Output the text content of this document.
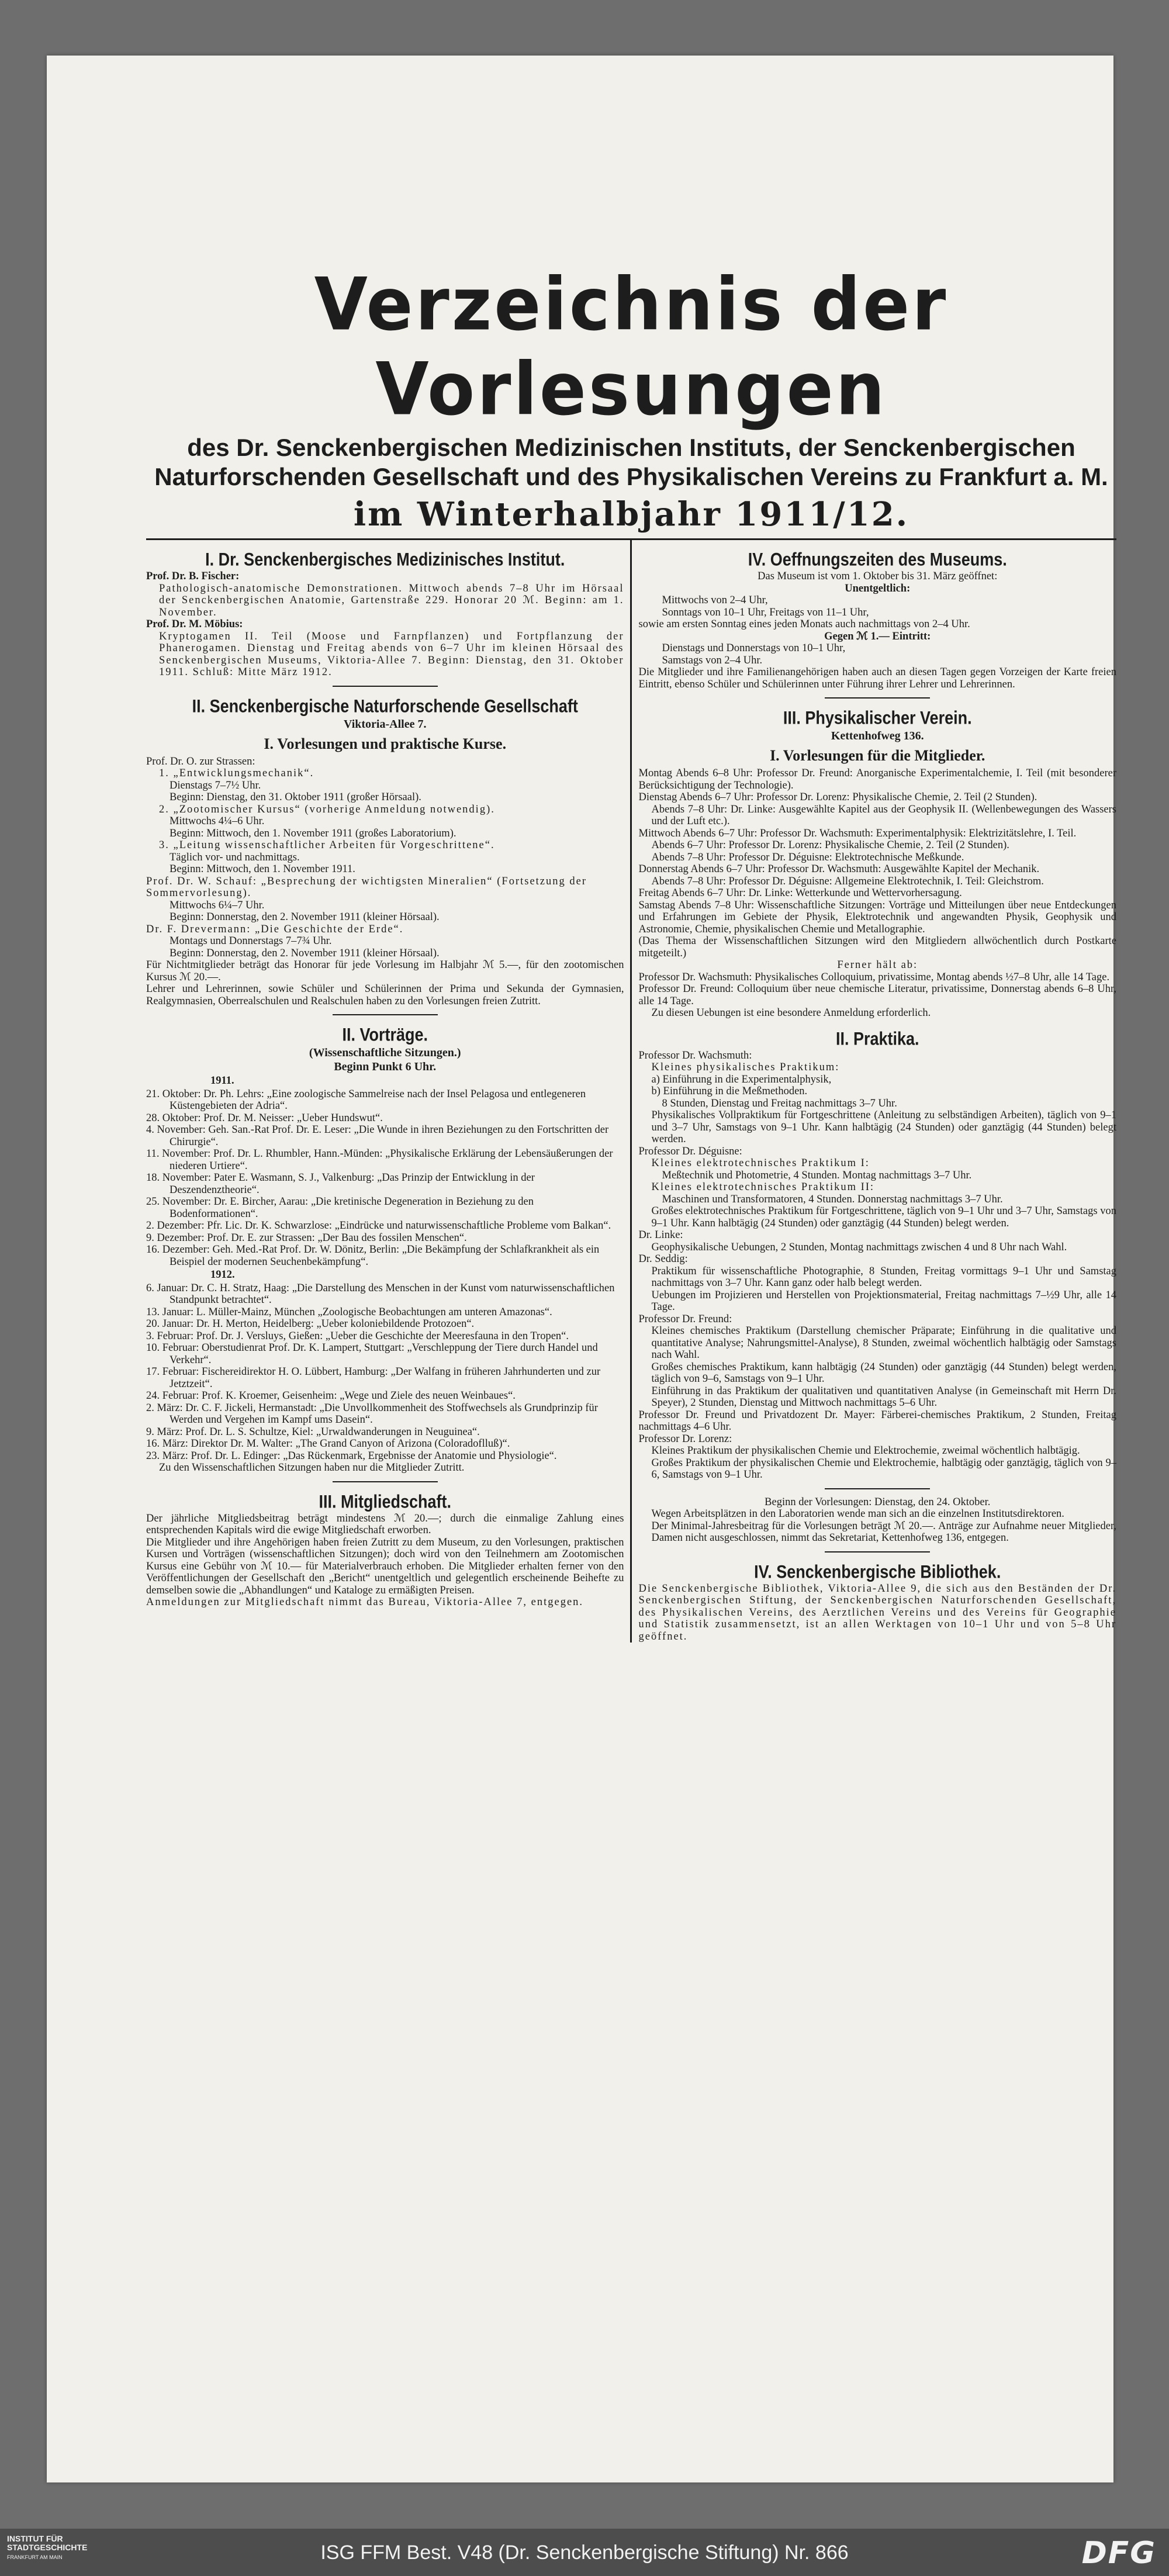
Verzeichnis der Vorlesungen
des Dr. Senckenbergischen Medizinischen Instituts, der Senckenbergischen Naturforschenden Gesellschaft und des Physikalischen Vereins zu Frankfurt a. M.
im Winterhalbjahr 1911/12.
I. Dr. Senckenbergisches Medizinisches Institut.

Prof. Dr. B. Fischer:

Pathologisch-anatomische Demonstrationen. Mittwoch abends 7–8 Uhr im Hörsaal der Senckenbergischen Anatomie, Gartenstraße 229. Honorar 20 ℳ. Beginn: am 1. November.

Prof. Dr. M. Möbius:

Kryptogamen II. Teil (Moose und Farnpflanzen) und Fortpflanzung der Phanerogamen. Dienstag und Freitag abends von 6–7 Uhr im kleinen Hörsaal des Senckenbergischen Museums, Viktoria-Allee 7. Beginn: Dienstag, den 31. Oktober 1911. Schluß: Mitte März 1912.

II. Senckenbergische Naturforschende Gesellschaft
Viktoria-Allee 7.
I. Vorlesungen und praktische Kurse.

Prof. Dr. O. zur Strassen:

1. „Entwicklungsmechanik“.

Dienstags 7–7½ Uhr.

Beginn: Dienstag, den 31. Oktober 1911 (großer Hörsaal).

2. „Zootomischer Kursus“ (vorherige Anmeldung notwendig).

Mittwochs 4¼–6 Uhr.

Beginn: Mittwoch, den 1. November 1911 (großes Laboratorium).

3. „Leitung wissenschaftlicher Arbeiten für Vorgeschrittene“.

Täglich vor- und nachmittags.

Beginn: Mittwoch, den 1. November 1911.

Prof. Dr. W. Schauf: „Besprechung der wichtigsten Mineralien“ (Fortsetzung der Sommervorlesung).

Mittwochs 6¼–7 Uhr.

Beginn: Donnerstag, den 2. November 1911 (kleiner Hörsaal).

Dr. F. Drevermann: „Die Geschichte der Erde“.

Montags und Donnerstags 7–7¾ Uhr.

Beginn: Donnerstag, den 2. November 1911 (kleiner Hörsaal).

Für Nichtmitglieder beträgt das Honorar für jede Vorlesung im Halbjahr ℳ 5.—, für den zootomischen Kursus ℳ 20.—.

Lehrer und Lehrerinnen, sowie Schüler und Schülerinnen der Prima und Sekunda der Gymnasien, Realgymnasien, Oberrealschulen und Realschulen haben zu den Vorlesungen freien Zutritt.

II. Vorträge.
(Wissenschaftliche Sitzungen.)
Beginn Punkt 6 Uhr.

1911.

21. Oktober: Dr. Ph. Lehrs: „Eine zoologische Sammelreise nach der Insel Pelagosa und entlegeneren Küstengebieten der Adria“.

28. Oktober: Prof. Dr. M. Neisser: „Ueber Hundswut“.

4. November: Geh. San.-Rat Prof. Dr. E. Leser: „Die Wunde in ihren Beziehungen zu den Fortschritten der Chirurgie“.

11. November: Prof. Dr. L. Rhumbler, Hann.-Münden: „Physikalische Erklärung der Lebensäußerungen der niederen Urtiere“.

18. November: Pater E. Wasmann, S. J., Valkenburg: „Das Prinzip der Entwicklung in der Deszendenztheorie“.

25. November: Dr. E. Bircher, Aarau: „Die kretinische Degeneration in Beziehung zu den Bodenformationen“.

2. Dezember: Pfr. Lic. Dr. K. Schwarzlose: „Eindrücke und naturwissenschaftliche Probleme vom Balkan“.

9. Dezember: Prof. Dr. E. zur Strassen: „Der Bau des fossilen Menschen“.

16. Dezember: Geh. Med.-Rat Prof. Dr. W. Dönitz, Berlin: „Die Bekämpfung der Schlafkrankheit als ein Beispiel der modernen Seuchenbekämpfung“.

1912.

6. Januar: Dr. C. H. Stratz, Haag: „Die Darstellung des Menschen in der Kunst vom naturwissenschaftlichen Standpunkt betrachtet“.

13. Januar: L. Müller-Mainz, München „Zoologische Beobachtungen am unteren Amazonas“.

20. Januar: Dr. H. Merton, Heidelberg: „Ueber koloniebildende Protozoen“.

3. Februar: Prof. Dr. J. Versluys, Gießen: „Ueber die Geschichte der Meeresfauna in den Tropen“.

10. Februar: Oberstudienrat Prof. Dr. K. Lampert, Stuttgart: „Verschleppung der Tiere durch Handel und Verkehr“.

17. Februar: Fischereidirektor H. O. Lübbert, Hamburg: „Der Walfang in früheren Jahrhunderten und zur Jetztzeit“.

24. Februar: Prof. K. Kroemer, Geisenheim: „Wege und Ziele des neuen Weinbaues“.

2. März: Dr. C. F. Jickeli, Hermanstadt: „Die Unvollkommenheit des Stoffwechsels als Grundprinzip für Werden und Vergehen im Kampf ums Dasein“.

9. März: Prof. Dr. L. S. Schultze, Kiel: „Urwaldwanderungen in Neuguinea“.

16. März: Direktor Dr. M. Walter: „The Grand Canyon of Arizona (Coloradoflluß)“.

23. März: Prof. Dr. L. Edinger: „Das Rückenmark, Ergebnisse der Anatomie und Physiologie“.

Zu den Wissenschaftlichen Sitzungen haben nur die Mitglieder Zutritt.

III. Mitgliedschaft.

Der jährliche Mitgliedsbeitrag beträgt mindestens ℳ 20.—; durch die einmalige Zahlung eines entsprechenden Kapitals wird die ewige Mitgliedschaft erworben.

Die Mitglieder und ihre Angehörigen haben freien Zutritt zu dem Museum, zu den Vorlesungen, praktischen Kursen und Vorträgen (wissenschaftlichen Sitzungen); doch wird von den Teilnehmern am Zootomischen Kursus eine Gebühr von ℳ 10.— für Materialverbrauch erhoben. Die Mitglieder erhalten ferner von den Veröffentlichungen der Gesellschaft den „Bericht“ unentgeltlich und gelegentlich erscheinende Beihefte zu demselben sowie die „Abhandlungen“ und Kataloge zu ermäßigten Preisen.

Anmeldungen zur Mitgliedschaft nimmt das Bureau, Viktoria-Allee 7, entgegen.

IV. Oeffnungszeiten des Museums.

Das Museum ist vom 1. Oktober bis 31. März geöffnet:

Unentgeltlich:

Mittwochs von 2–4 Uhr,

Sonntags von 10–1 Uhr, Freitags von 11–1 Uhr,

sowie am ersten Sonntag eines jeden Monats auch nachmittags von 2–4 Uhr.

Gegen ℳ 1.— Eintritt:

Dienstags und Donnerstags von 10–1 Uhr,

Samstags von 2–4 Uhr.

Die Mitglieder und ihre Familienangehörigen haben auch an diesen Tagen gegen Vorzeigen der Karte freien Eintritt, ebenso Schüler und Schülerinnen unter Führung ihrer Lehrer und Lehrerinnen.

III. Physikalischer Verein.
Kettenhofweg 136.
I. Vorlesungen für die Mitglieder.

Montag Abends 6–8 Uhr: Professor Dr. Freund: Anorganische Experimentalchemie, I. Teil (mit besonderer Berücksichtigung der Technologie).

Dienstag Abends 6–7 Uhr: Professor Dr. Lorenz: Physikalische Chemie, 2. Teil (2 Stunden).

Abends 7–8 Uhr: Dr. Linke: Ausgewählte Kapitel aus der Geophysik II. (Wellenbewegungen des Wassers und der Luft etc.).

Mittwoch Abends 6–7 Uhr: Professor Dr. Wachsmuth: Experimentalphysik: Elektrizitätslehre, I. Teil.

Abends 6–7 Uhr: Professor Dr. Lorenz: Physikalische Chemie, 2. Teil (2 Stunden).

Abends 7–8 Uhr: Professor Dr. Déguisne: Elektrotechnische Meßkunde.

Donnerstag Abends 6–7 Uhr: Professor Dr. Wachsmuth: Ausgewählte Kapitel der Mechanik.

Abends 7–8 Uhr: Professor Dr. Déguisne: Allgemeine Elektrotechnik, I. Teil: Gleichstrom.

Freitag Abends 6–7 Uhr: Dr. Linke: Wetterkunde und Wettervorhersagung.

Samstag Abends 7–8 Uhr: Wissenschaftliche Sitzungen: Vorträge und Mitteilungen über neue Entdeckungen und Erfahrungen im Gebiete der Physik, Elektrotechnik und angewandten Physik, Geophysik und Astronomie, Chemie, physikalischen Chemie und Metallographie.

(Das Thema der Wissenschaftlichen Sitzungen wird den Mitgliedern allwöchentlich durch Postkarte mitgeteilt.)

Ferner hält ab:

Professor Dr. Wachsmuth: Physikalisches Colloquium, privatissime, Montag abends ½7–8 Uhr, alle 14 Tage.

Professor Dr. Freund: Colloquium über neue chemische Literatur, privatissime, Donnerstag abends 6–8 Uhr, alle 14 Tage.

Zu diesen Uebungen ist eine besondere Anmeldung erforderlich.

II. Praktika.

Professor Dr. Wachsmuth:

Kleines physikalisches Praktikum:

a) Einführung in die Experimentalphysik,

b) Einführung in die Meßmethoden.

8 Stunden, Dienstag und Freitag nachmittags 3–7 Uhr.

Physikalisches Vollpraktikum für Fortgeschrittene (Anleitung zu selbständigen Arbeiten), täglich von 9–1 und 3–7 Uhr, Samstags von 9–1 Uhr. Kann halbtägig (24 Stunden) oder ganztägig (44 Stunden) belegt werden.

Professor Dr. Déguisne:

Kleines elektrotechnisches Praktikum I:

Meßtechnik und Photometrie, 4 Stunden. Montag nachmittags 3–7 Uhr.

Kleines elektrotechnisches Praktikum II:

Maschinen und Transformatoren, 4 Stunden. Donnerstag nachmittags 3–7 Uhr.

Großes elektrotechnisches Praktikum für Fortgeschrittene, täglich von 9–1 Uhr und 3–7 Uhr, Samstags von 9–1 Uhr. Kann halbtägig (24 Stunden) oder ganztägig (44 Stunden) belegt werden.

Dr. Linke:

Geophysikalische Uebungen, 2 Stunden, Montag nachmittags zwischen 4 und 8 Uhr nach Wahl.

Dr. Seddig:

Praktikum für wissenschaftliche Photographie, 8 Stunden, Freitag vormittags 9–1 Uhr und Samstag nachmittags von 3–7 Uhr. Kann ganz oder halb belegt werden.

Uebungen im Projizieren und Herstellen von Projektionsmaterial, Freitag nachmittags 7–½9 Uhr, alle 14 Tage.

Professor Dr. Freund:

Kleines chemisches Praktikum (Darstellung chemischer Präparate; Einführung in die qualitative und quantitative Analyse; Nahrungsmittel-Analyse), 8 Stunden, zweimal wöchentlich halbtägig oder Samstags nach Wahl.

Großes chemisches Praktikum, kann halbtägig (24 Stunden) oder ganztägig (44 Stunden) belegt werden, täglich von 9–6, Samstags von 9–1 Uhr.

Einführung in das Praktikum der qualitativen und quantitativen Analyse (in Gemeinschaft mit Herrn Dr. Speyer), 2 Stunden, Dienstag und Mittwoch nachmittags 5–6 Uhr.

Professor Dr. Freund und Privatdozent Dr. Mayer: Färberei-chemisches Praktikum, 2 Stunden, Freitag nachmittags 4–6 Uhr.

Professor Dr. Lorenz:

Kleines Praktikum der physikalischen Chemie und Elektrochemie, zweimal wöchentlich halbtägig.

Großes Praktikum der physikalischen Chemie und Elektrochemie, halbtägig oder ganztägig, täglich von 9–6, Samstags von 9–1 Uhr.

Beginn der Vorlesungen: Dienstag, den 24. Oktober.

Wegen Arbeitsplätzen in den Laboratorien wende man sich an die einzelnen Institutsdirektoren.

Der Minimal-Jahresbeitrag für die Vorlesungen beträgt ℳ 20.—. Anträge zur Aufnahme neuer Mitglieder, Damen nicht ausgeschlossen, nimmt das Sekretariat, Kettenhofweg 136, entgegen.

IV. Senckenbergische Bibliothek.

Die Senckenbergische Bibliothek, Viktoria-Allee 9, die sich aus den Beständen der Dr. Senckenbergischen Stiftung, der Senckenbergischen Naturforschenden Gesellschaft, des Physikalischen Vereins, des Aerztlichen Vereins und des Vereins für Geographie und Statistik zusammensetzt, ist an allen Werktagen von 10–1 Uhr und von 5–8 Uhr geöffnet.

INSTITUT FÜR
STADTGESCHICHTE
FRANKFURT AM MAIN	ISG FFM Best. V48 (Dr. Senckenbergische Stiftung) Nr. 866	DFG
